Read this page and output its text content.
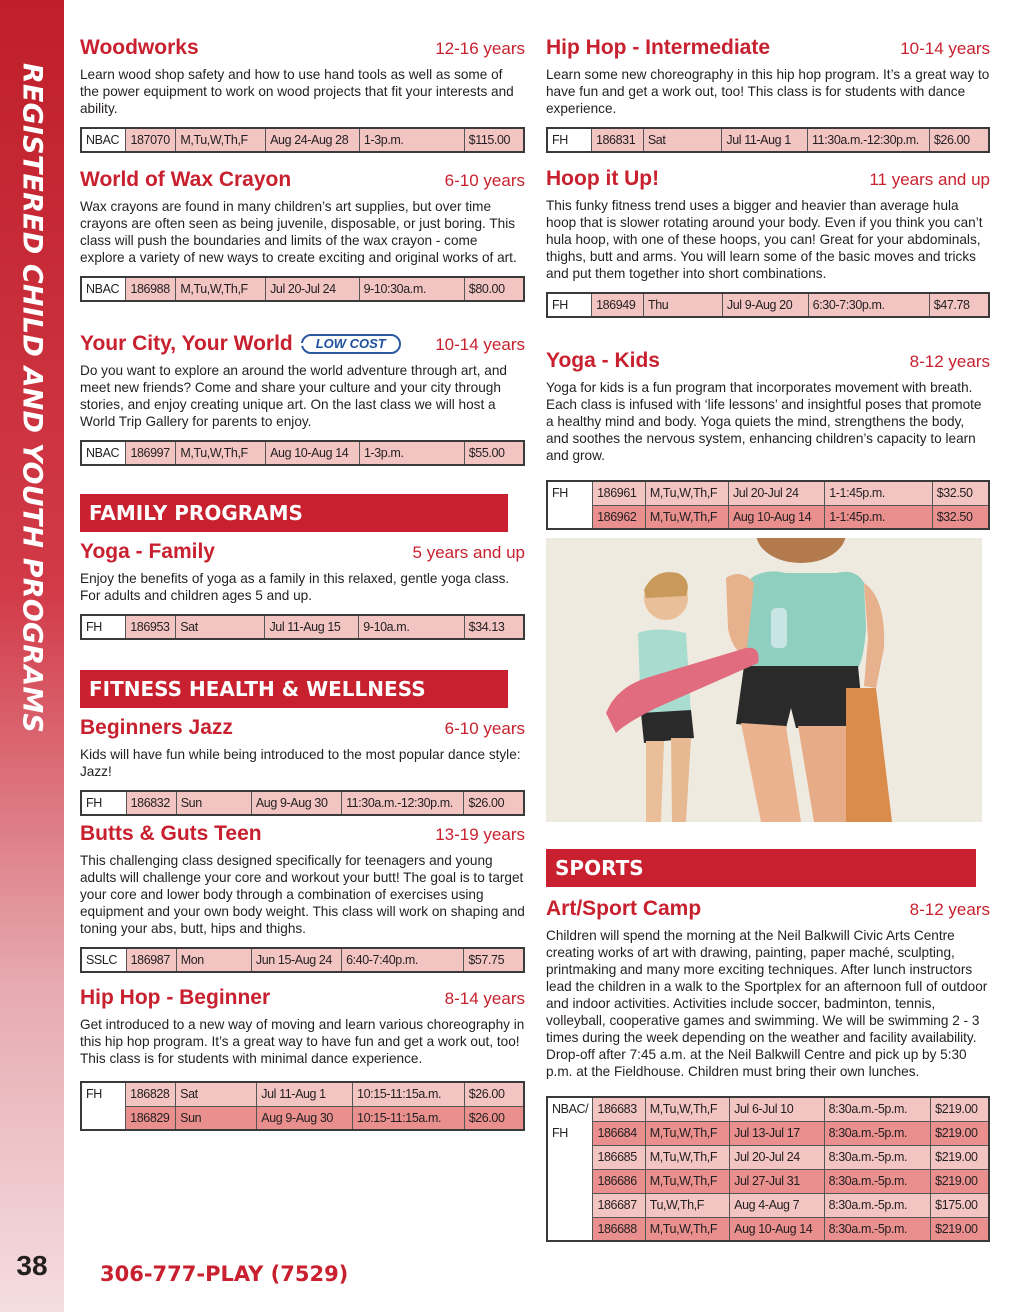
REGISTERED CHILD AND YOUTH PROGRAMS
38	306-777-PLAY (7529)
Woodworks	12-16 years
Learn wood shop safety and how to use hand tools as well as some of the power equipment to work on wood projects that fit your interests and ability.
NBAC	187070	M,Tu,W,Th,F	Aug 24-Aug 28	1-3p.m.	$115.00
World of Wax Crayon	6-10 years
Wax crayons are found in many children’s art supplies, but over time crayons are often seen as being juvenile, disposable, or just boring. This class will push the boundaries and limits of the wax crayon - come explore a variety of new ways to create exciting and original works of art.
NBAC	186988	M,Tu,W,Th,F	Jul 20-Jul 24	9-10:30a.m.	$80.00
Your City, Your World	LOW COST	10-14 years
Do you want to explore an around the world adventure through art, and meet new friends? Come and share your culture and your city through stories, and enjoy creating unique art. On the last class we will host a World Trip Gallery for parents to enjoy.
NBAC	186997	M,Tu,W,Th,F	Aug 10-Aug 14	1-3p.m.	$55.00
FAMILY PROGRAMS
Yoga - Family	5 years and up
Enjoy the benefits of yoga as a family in this relaxed, gentle yoga class. For adults and children ages 5 and up.
FH	186953	Sat	Jul 11-Aug 15	9-10a.m.	$34.13
FITNESS HEALTH & WELLNESS
Beginners Jazz	6-10 years
Kids will have fun while being introduced to the most popular dance style: Jazz!
FH	186832	Sun	Aug 9-Aug 30	11:30a.m.-12:30p.m.	$26.00
Butts & Guts Teen	13-19 years
This challenging class designed specifically for teenagers and young adults will challenge your core and workout your butt! The goal is to target your core and lower body through a combination of exercises using equipment and your own body weight. This class will work on shaping and toning your abs, butt, hips and thighs.
SSLC	186987	Mon	Jun 15-Aug 24	6:40-7:40p.m.	$57.75
Hip Hop - Beginner	8-14 years
Get introduced to a new way of moving and learn various choreography in this hip hop program. It’s a great way to have fun and get a work out, too! This class is for students with minimal dance experience.
FH	186828	Sat	Jul 11-Aug 1	10:15-11:15a.m.	$26.00
	186829	Sun	Aug 9-Aug 30	10:15-11:15a.m.	$26.00
Hip Hop - Intermediate	10-14 years
Learn some new choreography in this hip hop program. It’s a great way to have fun and get a work out, too! This class is for students with dance experience.
FH	186831	Sat	Jul 11-Aug 1	11:30a.m.-12:30p.m.	$26.00
Hoop it Up!	11 years and up
This funky fitness trend uses a bigger and heavier than average hula hoop that is slower rotating around your body. Even if you think you can’t hula hoop, with one of these hoops, you can! Great for your abdominals, thighs, butt and arms. You will learn some of the basic moves and tricks and put them together into short combinations.
FH	186949	Thu	Jul 9-Aug 20	6:30-7:30p.m.	$47.78
Yoga - Kids	8-12 years
Yoga for kids is a fun program that incorporates movement with breath. Each class is infused with ‘life lessons’ and insightful poses that promote a healthy mind and body. Yoga quiets the mind, strengthens the body, and soothes the nervous system, enhancing children’s capacity to learn and grow.
FH	186961	M,Tu,W,Th,F	Jul 20-Jul 24	1-1:45p.m.	$32.50
	186962	M,Tu,W,Th,F	Aug 10-Aug 14	1-1:45p.m.	$32.50
SPORTS
Art/Sport Camp	8-12 years
Children will spend the morning at the Neil Balkwill Civic Arts Centre creating works of art with drawing, painting, paper maché, sculpting, printmaking and many more exciting techniques. After lunch instructors lead the children in a walk to the Sportplex for an afternoon full of outdoor and indoor activities. Activities include soccer, badminton, tennis, volleyball, cooperative games and swimming. We will be swimming 2 - 3 times during the week depending on the weather and facility availability. Drop-off after 7:45 a.m. at the Neil Balkwill Centre and pick up by 5:30 p.m. at the Fieldhouse. Children must bring their own lunches.
NBAC/
FH	186683	M,Tu,W,Th,F	Jul 6-Jul 10	8:30a.m.-5p.m.	$219.00
	186684	M,Tu,W,Th,F	Jul 13-Jul 17	8:30a.m.-5p.m.	$219.00
	186685	M,Tu,W,Th,F	Jul 20-Jul 24	8:30a.m.-5p.m.	$219.00
	186686	M,Tu,W,Th,F	Jul 27-Jul 31	8:30a.m.-5p.m.	$219.00
	186687	Tu,W,Th,F	Aug 4-Aug 7	8:30a.m.-5p.m.	$175.00
	186688	M,Tu,W,Th,F	Aug 10-Aug 14	8:30a.m.-5p.m.	$219.00
